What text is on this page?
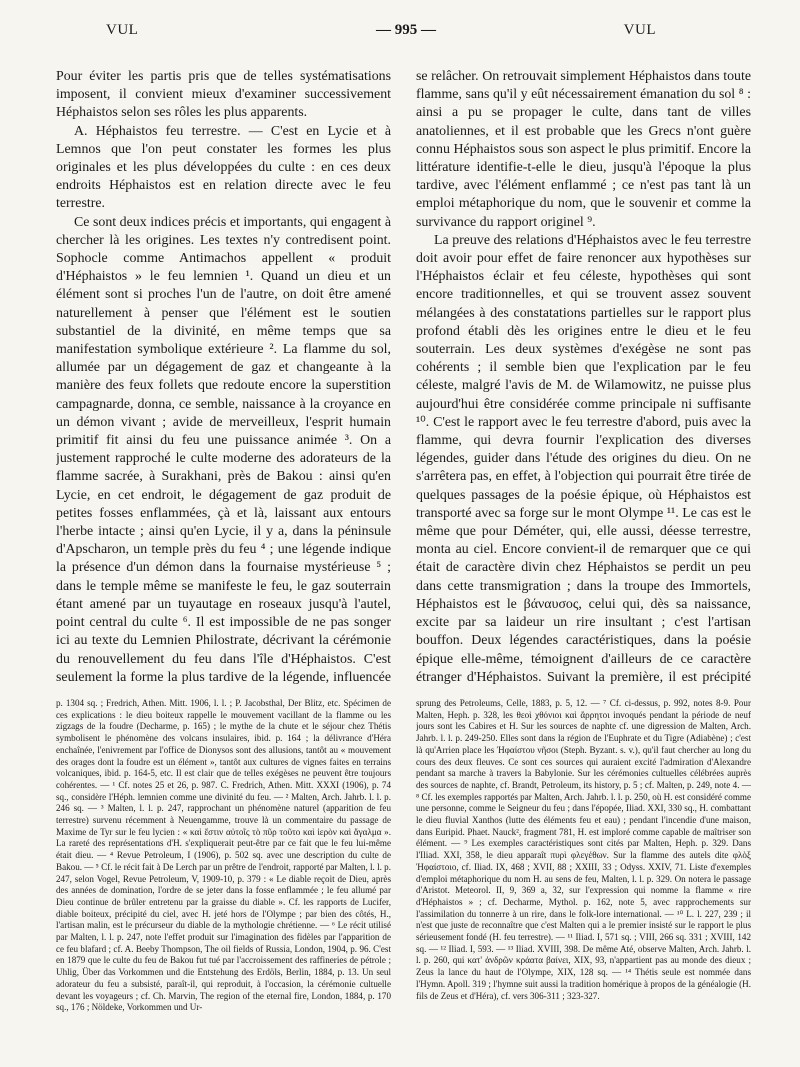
VUL	— 995 —	VUL

Pour éviter les partis pris que de telles systématisations imposent, il convient mieux d'examiner successivement Héphaistos selon ses rôles les plus apparents.

A. Héphaistos feu terrestre. — C'est en Lycie et à Lemnos que l'on peut constater les formes les plus originales et les plus développées du culte : en ces deux endroits Héphaistos est en relation directe avec le feu terrestre.

Ce sont deux indices précis et importants, qui engagent à chercher là les origines. Les textes n'y contredisent point. Sophocle comme Antimachos appellent « produit d'Héphaistos » le feu lemnien ¹. Quand un dieu et un élément sont si proches l'un de l'autre, on doit être amené naturellement à penser que l'élément est le soutien substantiel de la divinité, en même temps que sa manifestation symbolique extérieure ². La flamme du sol, allumée par un dégagement de gaz et changeante à la manière des feux follets que redoute encore la superstition campagnarde, donna, ce semble, naissance à la croyance en un démon vivant ; avide de merveilleux, l'esprit humain primitif fit ainsi du feu une puissance animée ³. On a justement rapproché le culte moderne des adorateurs de la flamme sacrée, à Surakhani, près de Bakou : ainsi qu'en Lycie, en cet endroit, le dégagement de gaz produit de petites fosses enflammées, çà et là, laissant aux entours l'herbe intacte ; ainsi qu'en Lycie, il y a, dans la péninsule d'Apscharon, un temple près du feu ⁴ ; une légende indique la présence d'un démon dans la fournaise mystérieuse ⁵ ; dans le temple même se manifeste le feu, le gaz souterrain étant amené par un tuyautage en roseaux jusqu'à l'autel, point central du culte ⁶. Il est impossible de ne pas songer ici au texte du Lemnien Philostrate, décrivant la cérémonie du renouvellement du feu dans l'île d'Héphaistos. C'est seulement la forme la plus tardive de la légende, influencée

se relâcher. On retrouvait simplement Héphaistos dans toute flamme, sans qu'il y eût nécessairement émanation du sol ⁸ : ainsi a pu se propager le culte, dans tant de villes anatoliennes, et il est probable que les Grecs n'ont guère connu Héphaistos sous son aspect le plus primitif. Encore la littérature identifie-t-elle le dieu, jusqu'à l'époque la plus tardive, avec l'élément enflammé ; ce n'est pas tant là un emploi métaphorique du nom, que le souvenir et comme la survivance du rapport originel ⁹.

La preuve des relations d'Héphaistos avec le feu terrestre doit avoir pour effet de faire renoncer aux hypothèses sur l'Héphaistos éclair et feu céleste, hypothèses qui sont encore traditionnelles, et qui se trouvent assez souvent mélangées à des constatations partielles sur le rapport plus profond établi dès les origines entre le dieu et le feu souterrain. Les deux systèmes d'exégèse ne sont pas cohérents ; il semble bien que l'explication par le feu céleste, malgré l'avis de M. de Wilamowitz, ne puisse plus aujourd'hui être considérée comme principale ni suffisante ¹⁰. C'est le rapport avec le feu terrestre d'abord, puis avec la flamme, qui devra fournir l'explication des diverses légendes, guider dans l'étude des origines du dieu. On ne s'arrêtera pas, en effet, à l'objection qui pourrait être tirée de quelques passages de la poésie épique, où Héphaistos est transporté avec sa forge sur le mont Olympe ¹¹. Le cas est le même que pour Déméter, qui, elle aussi, déesse terrestre, monta au ciel. Encore convient-il de remarquer que ce qui était de caractère divin chez Héphaistos se perdit un peu dans cette transmigration ; dans la troupe des Immortels, Héphaistos est le βάναυσος, celui qui, dès sa naissance, excite par sa laideur un rire insultant ; c'est l'artisan bouffon. Deux légendes caractéristiques, dans la poésie épique elle-même, témoignent d'ailleurs de ce caractère étranger d'Héphaistos. Suivant la première, il est précipité

p. 1304 sq. ; Fredrich, Athen. Mitt. 1906, l. l. ; P. Jacobsthal, Der Blitz, etc. Spécimen de ces explications : le dieu boiteux rappelle le mouvement vacillant de la flamme ou les zigzags de la foudre (Decharme, p. 165) ; le mythe de la chute et le séjour chez Thétis symbolisent le phénomène des volcans insulaires, ibid. p. 164 ; la délivrance d'Héra enchaînée, l'enivrement par l'office de Dionysos sont des allusions, tantôt au « mouvement des orages dont la foudre est un élément », tantôt aux cultures de vignes faites en terrains volcaniques, ibid. p. 164-5, etc. Il est clair que de telles exégèses ne peuvent être toujours cohérentes. — ¹ Cf. notes 25 et 26, p. 987. C. Fredrich, Athen. Mitt. XXXI (1906), p. 74 sq., considère l'Héph. lemnien comme une divinité du feu. — ² Malten, Arch. Jahrb. l. l. p. 246 sq. — ³ Malten, l. l. p. 247, rapprochant un phénomène naturel (apparition de feu terrestre) survenu récemment à Neuengamme, trouve là un commentaire du passage de Maxime de Tyr sur le feu lycien : « καὶ ἔστιν αὐτοῖς τὸ πῦρ τοῦτο καὶ ἱερὸν καὶ ἄγαλμα ». La rareté des représentations d'H. s'expliquerait peut-être par ce fait que le feu lui-même était dieu. — ⁴ Revue Petroleum, I (1906), p. 502 sq. avec une description du culte de Bakou. — ⁵ Cf. le récit fait à De Lerch par un prêtre de l'endroit, rapporté par Malten, l. l. p. 247, selon Vogel, Revue Petroleum, V, 1909-10, p. 379 : « Le diable reçoit de Dieu, après des années de domination, l'ordre de se jeter dans la fosse enflammée ; le feu allumé par Dieu continue de brûler entretenu par la graisse du diable ». Cf. les rapports de Lucifer, diable boiteux, précipité du ciel, avec H. jeté hors de l'Olympe ; par bien des côtés, H., l'artisan malin, est le précurseur du diable de la mythologie chrétienne. — ⁶ Le récit utilisé par Malten, l. l. p. 247, note l'effet produit sur l'imagination des fidèles par l'apparition de ce feu blafard ; cf. A. Beeby Thompson, The oil fields of Russia, London, 1904, p. 96. C'est en 1879 que le culte du feu de Bakou fut tué par l'accroissement des raffineries de pétrole ; Uhlig, Über das Vorkommen und die Entstehung des Erdöls, Berlin, 1884, p. 13. Un seul adorateur du feu a subsisté, paraît-il, qui reproduit, à l'occasion, la cérémonie cultuelle devant les voyageurs ; cf. Ch. Marvin, The region of the eternal fire, London, 1884, p. 170 sq., 176 ; Nöldeke, Vorkommen und Ur-

sprung des Petroleums, Celle, 1883, p. 5, 12. — ⁷ Cf. ci-dessus, p. 992, notes 8-9. Pour Malten, Heph. p. 328, les θεοὶ χθόνιοι καὶ ἄρρητοι invoqués pendant la période de neuf jours sont les Cabires et H. Sur les sources de naphte cf. une digression de Malten, Arch. Jahrb. l. l. p. 249-250. Elles sont dans la région de l'Euphrate et du Tigre (Adiabène) ; c'est là qu'Arrien place les Ἡφαίστου νῆσοι (Steph. Byzant. s. v.), qu'il faut chercher au long du cours des deux fleuves. Ce sont ces sources qui auraient excité l'admiration d'Alexandre pendant sa marche à travers la Babylonie. Sur les cérémonies cultuelles célébrées auprès des sources de naphte, cf. Brandt, Petroleum, its history, p. 5 ; cf. Malten, p. 249, note 4. — ⁸ Cf. les exemples rapportés par Malten, Arch. Jahrb. l. l. p. 250, où H. est considéré comme une personne, comme le Seigneur du feu ; dans l'épopée, Iliad. XXI, 330 sq., H. combattant le dieu fluvial Xanthos (lutte des éléments feu et eau) ; pendant l'incendie d'une maison, dans Euripid. Phaet. Nauck², fragment 781, H. est imploré comme capable de maîtriser son élément. — ⁹ Les exemples caractéristiques sont cités par Malten, Heph. p. 329. Dans l'Iliad. XXI, 358, le dieu apparaît πυρὶ φλεγέθων. Sur la flamme des autels dite φλὸξ Ἡφαίστοιο, cf. Iliad. IX, 468 ; XVII, 88 ; XXIII, 33 ; Odyss. XXIV, 71. Liste d'exemples d'emploi métaphorique du nom H. au sens de feu, Malten, l. l. p. 329. On notera le passage d'Aristot. Meteorol. II, 9, 369 a, 32, sur l'expression qui nomme la flamme « rire d'Héphaistos » ; cf. Decharme, Mythol. p. 162, note 5, avec rapprochements sur l'assimilation du tonnerre à un rire, dans le folk-lore international. — ¹⁰ L. l. 227, 239 ; il n'est que juste de reconnaître que c'est Malten qui a le premier insisté sur le rapport le plus sérieusement fondé (H. feu terrestre). — ¹¹ Iliad. I, 571 sq. ; VIII, 266 sq. 331 ; XVIII, 142 sq. — ¹² Iliad. I, 593. — ¹³ Iliad. XVIII, 398. De même Até, observe Malten, Arch. Jahrb. l. l. p. 260, qui κατ' ἀνδρῶν κράατα βαίνει, XIX, 93, n'appartient pas au monde des dieux ; Zeus la lance du haut de l'Olympe, XIX, 128 sq. — ¹⁴ Thétis seule est nommée dans l'Hymn. Apoll. 319 ; l'hymne suit aussi la tradition homérique à propos de la généalogie (H. fils de Zeus et d'Héra), cf. vers 306-311 ; 323-327.
